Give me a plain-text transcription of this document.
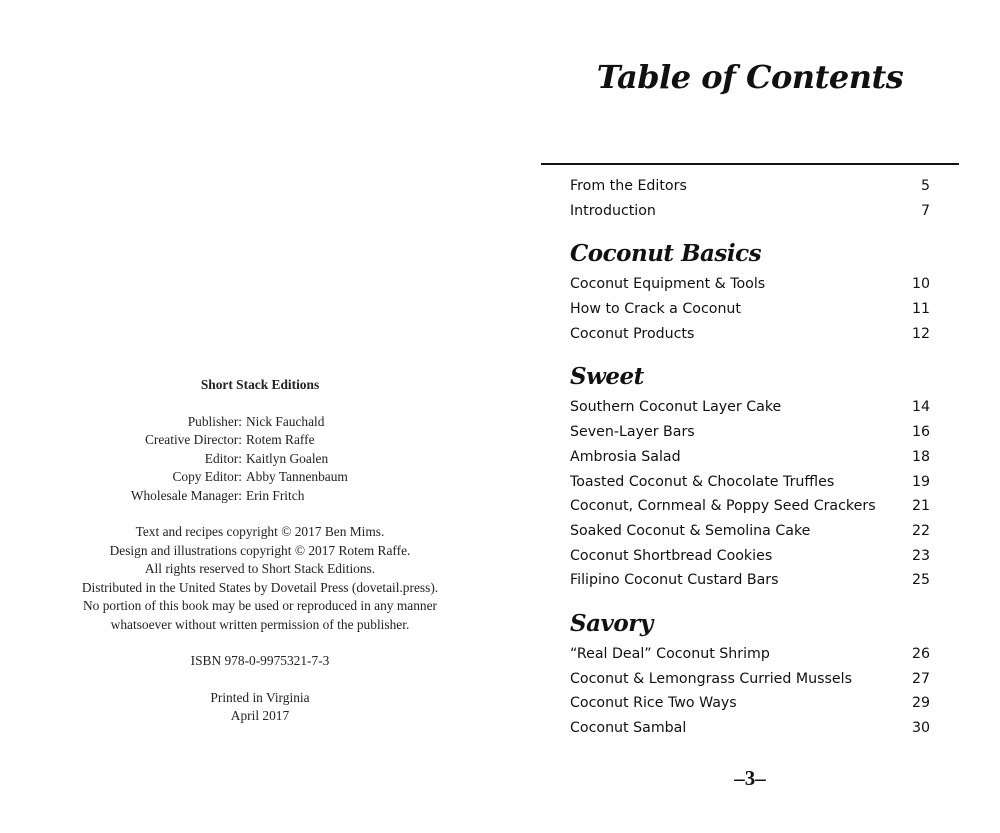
Short Stack Editions
Publisher: Nick Fauchald
Creative Director: Rotem Raffe
Editor: Kaitlyn Goalen
Copy Editor: Abby Tannenbaum
Wholesale Manager: Erin Fritch
Text and recipes copyright © 2017 Ben Mims.
Design and illustrations copyright © 2017 Rotem Raffe.
All rights reserved to Short Stack Editions.
Distributed in the United States by Dovetail Press (dovetail.press).
No portion of this book may be used or reproduced in any manner
whatsoever without written permission of the publisher.
ISBN 978-0-9975321-7-3
Printed in Virginia
April 2017
Table of Contents
From the Editors	5
Introduction	7
Coconut Basics
Coconut Equipment & Tools	10
How to Crack a Coconut	11
Coconut Products	12
Sweet
Southern Coconut Layer Cake	14
Seven-Layer Bars	16
Ambrosia Salad	18
Toasted Coconut & Chocolate Truffles	19
Coconut, Cornmeal & Poppy Seed Crackers	21
Soaked Coconut & Semolina Cake	22
Coconut Shortbread Cookies	23
Filipino Coconut Custard Bars	25
Savory
“Real Deal” Coconut Shrimp	26
Coconut & Lemongrass Curried Mussels	27
Coconut Rice Two Ways	29
Coconut Sambal	30
–3–
